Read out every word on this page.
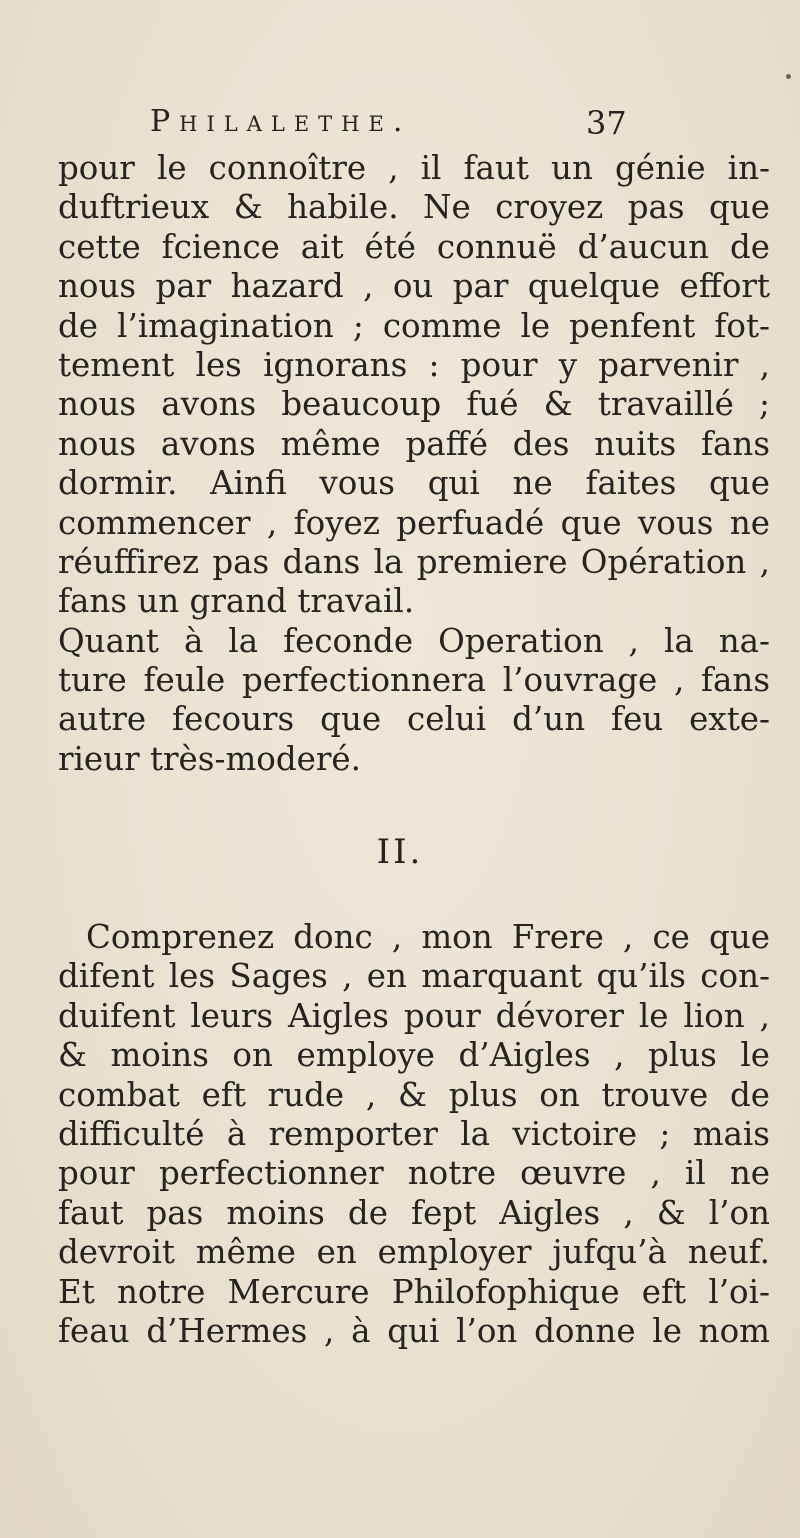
Philalethe.	37
pour le connoître , il faut un génie in-
duftrieux & habile. Ne croyez pas que
cette fcience ait été connuë d’aucun de
nous par hazard , ou par quelque effort
de l’imagination ; comme le penfent fot-
tement les ignorans : pour y parvenir ,
nous avons beaucoup fué & travaillé ;
nous avons même paffé des nuits fans
dormir. Ainfi vous qui ne faites que
commencer , foyez perfuadé que vous ne
réuffirez pas dans la premiere Opération ,
fans un grand travail.
Quant à la feconde Operation , la na-
ture feule perfectionnera l’ouvrage , fans
autre fecours que celui d’un feu exte-
rieur très-moderé.
II.
Comprenez donc , mon Frere , ce que
difent les Sages , en marquant qu’ils con-
duifent leurs Aigles pour dévorer le lion ,
& moins on employe d’Aigles , plus le
combat eft rude , & plus on trouve de
difficulté à remporter la victoire ; mais
pour perfectionner notre œuvre , il ne
faut pas moins de fept Aigles , & l’on
devroit même en employer jufqu’à neuf.
Et notre Mercure Philofophique eft l’oi-
feau d’Hermes , à qui l’on donne le nom
